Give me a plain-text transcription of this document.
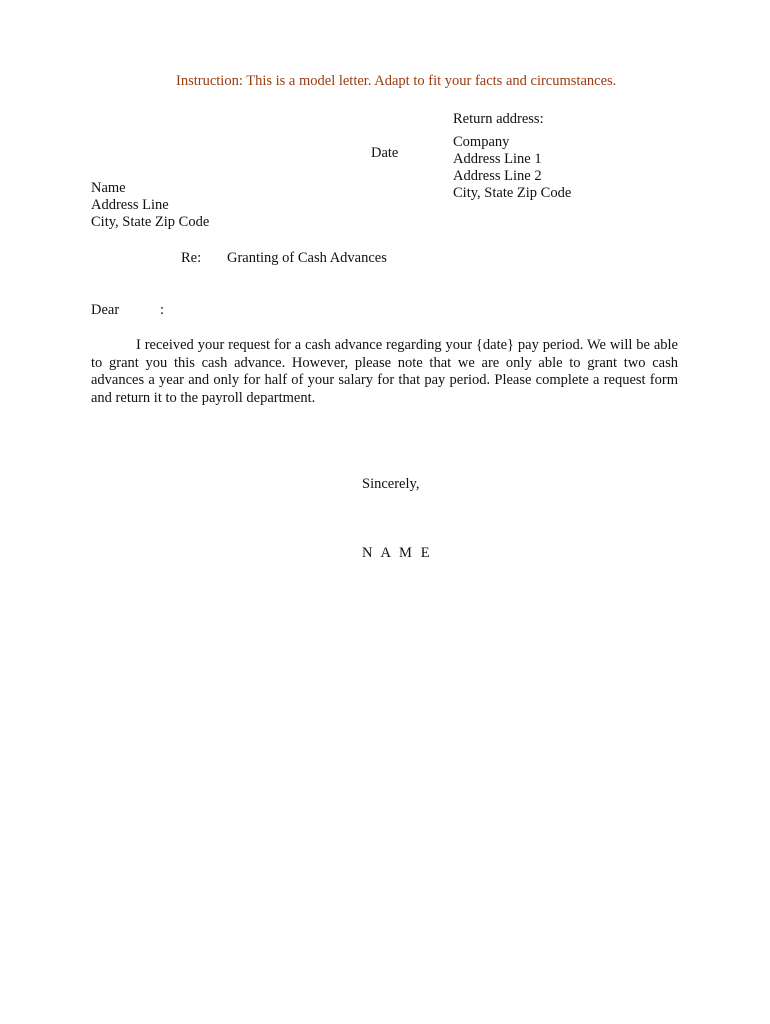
Instruction: This is a model letter. Adapt to fit your facts and circumstances.
Return address:
Company
Address Line 1
Address Line 2
City, State Zip Code
Date
Name
Address Line
City, State Zip Code
Re: Granting of Cash Advances
Dear	:
I received your request for a cash advance regarding your {date} pay period. We will be able to grant you this cash advance. However, please note that we are only able to grant two cash advances a year and only for half of your salary for that pay period. Please complete a request form and return it to the payroll department.
Sincerely,
N A M E
